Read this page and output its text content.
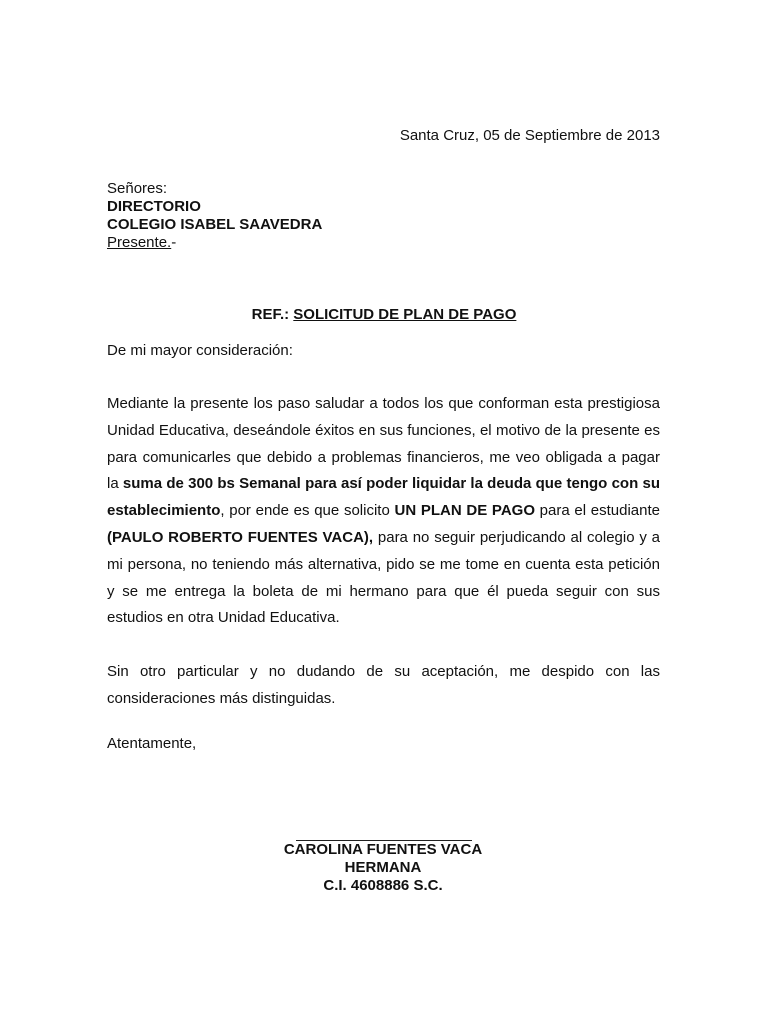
Santa Cruz, 05 de Septiembre de 2013
Señores:
DIRECTORIO
COLEGIO ISABEL SAAVEDRA
Presente.-
REF.: SOLICITUD DE PLAN DE PAGO
De mi mayor consideración:
Mediante la presente los paso saludar a todos los que conforman esta prestigiosa Unidad Educativa, deseándole éxitos en sus funciones, el motivo de la presente es para comunicarles que debido a problemas financieros, me veo obligada a pagar la suma de 300 bs Semanal para así poder liquidar la deuda que tengo con su establecimiento, por ende es que solicito UN PLAN DE PAGO para el estudiante (PAULO ROBERTO FUENTES VACA), para no seguir perjudicando al colegio y a mi persona, no teniendo más alternativa, pido se me tome en cuenta esta petición y se me entrega la boleta de mi hermano para que él pueda seguir con sus estudios en otra Unidad Educativa.
Sin otro particular y no dudando de su aceptación, me despido con las consideraciones más distinguidas.
Atentamente,
CAROLINA FUENTES VACA
HERMANA
C.I. 4608886 S.C.
